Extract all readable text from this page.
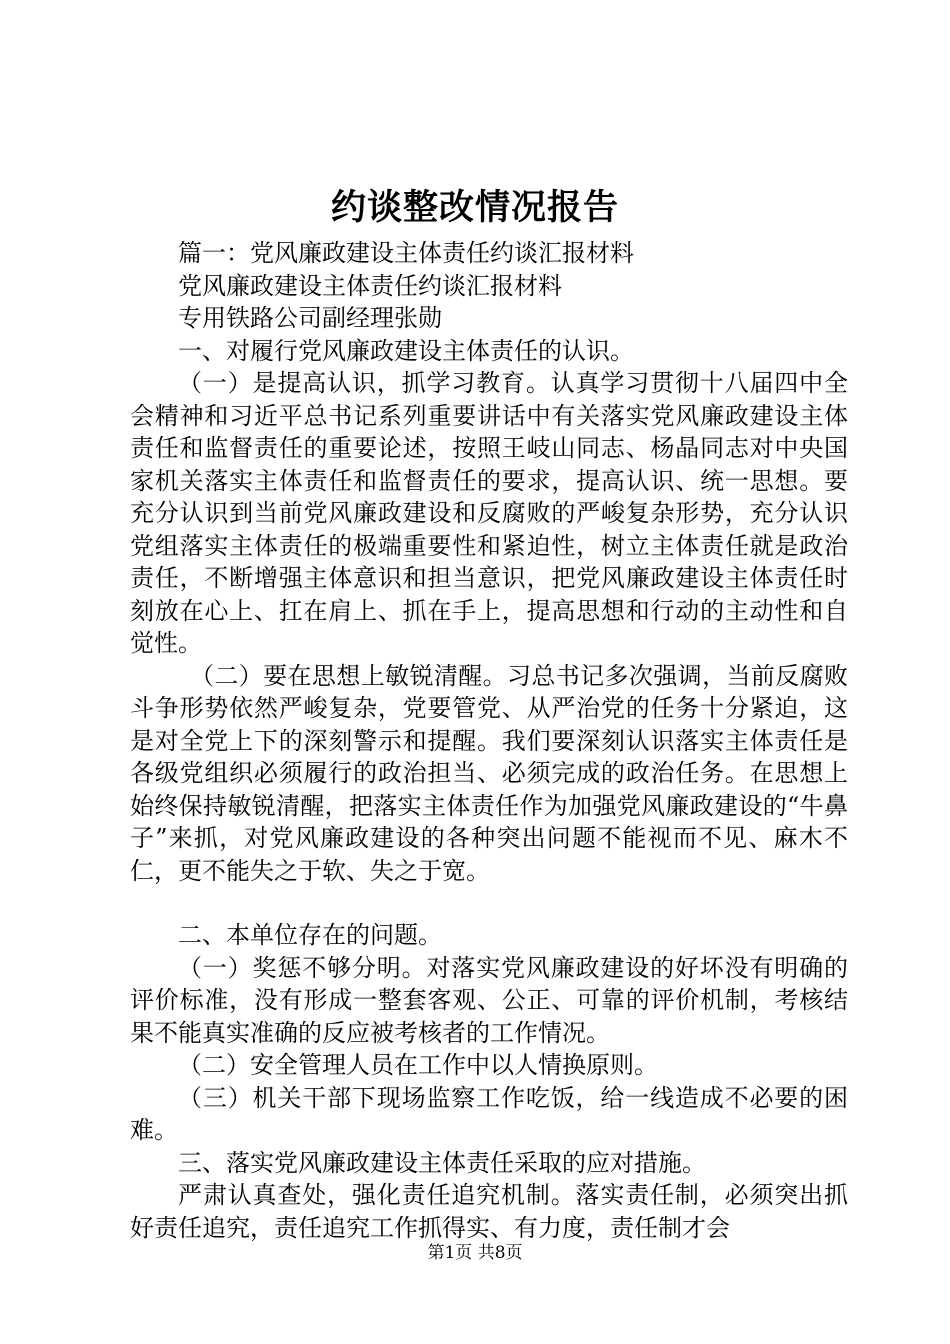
约谈整改情况报告

篇一：党风廉政建设主体责任约谈汇报材料

党风廉政建设主体责任约谈汇报材料

专用铁路公司副经理张勋

一、对履行党风廉政建设主体责任的认识。

（一）是提高认识，抓学习教育。认真学习贯彻十八届四中全会精神和习近平总书记系列重要讲话中有关落实党风廉政建设主体责任和监督责任的重要论述，按照王岐山同志、杨晶同志对中央国家机关落实主体责任和监督责任的要求，提高认识、统一思想。要充分认识到当前党风廉政建设和反腐败的严峻复杂形势，充分认识党组落实主体责任的极端重要性和紧迫性，树立主体责任就是政治责任，不断增强主体意识和担当意识，把党风廉政建设主体责任时刻放在心上、扛在肩上、抓在手上，提高思想和行动的主动性和自觉性。

（二）要在思想上敏锐清醒。习总书记多次强调，当前反腐败斗争形势依然严峻复杂，党要管党、从严治党的任务十分紧迫，这是对全党上下的深刻警示和提醒。我们要深刻认识落实主体责任是各级党组织必须履行的政治担当、必须完成的政治任务。在思想上始终保持敏锐清醒，把落实主体责任作为加强党风廉政建设的“牛鼻子”来抓，对党风廉政建设的各种突出问题不能视而不见、麻木不仁，更不能失之于软、失之于宽。

二、本单位存在的问题。

（一）奖惩不够分明。对落实党风廉政建设的好坏没有明确的评价标准，没有形成一整套客观、公正、可靠的评价机制，考核结果不能真实准确的反应被考核者的工作情况。

（二）安全管理人员在工作中以人情换原则。

（三）机关干部下现场监察工作吃饭，给一线造成不必要的困难。

三、落实党风廉政建设主体责任采取的应对措施。

严肃认真查处，强化责任追究机制。落实责任制，必须突出抓好责任追究，责任追究工作抓得实、有力度，责任制才会

第1页 共8页
